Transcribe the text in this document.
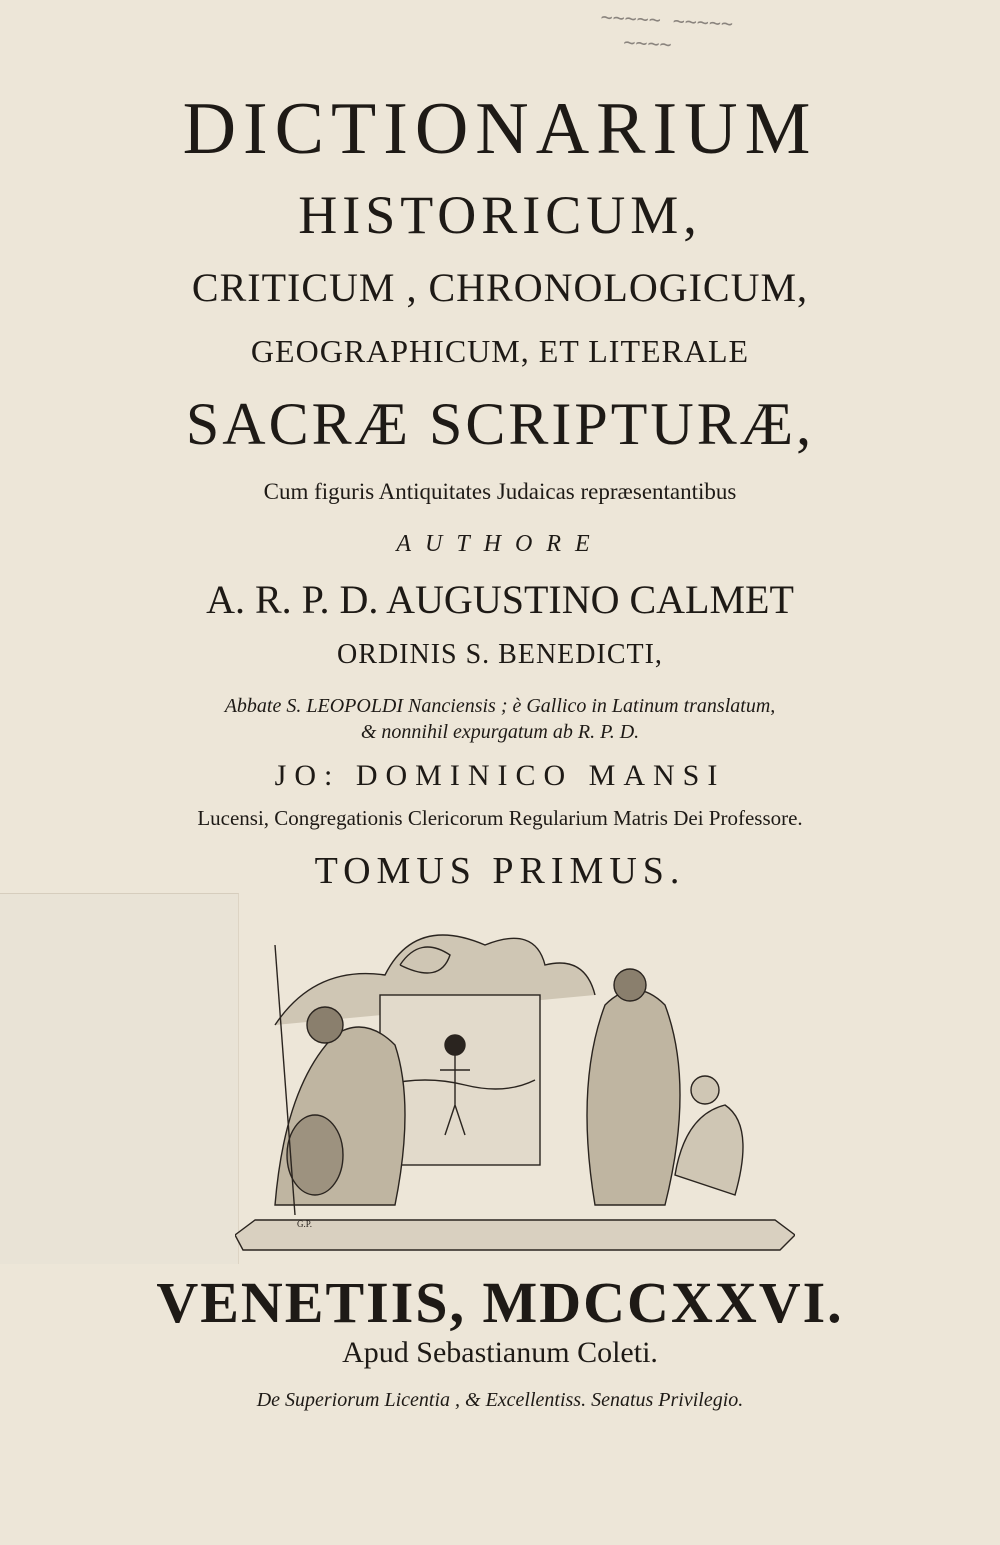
~~~~~ ~~~~~
~~~~
DICTIONARIUM
HISTORICUM,
CRITICUM , CHRONOLOGICUM,
GEOGRAPHICUM, ET LITERALE
SACRÆ SCRIPTURÆ,
Cum figuris Antiquitates Judaicas repræsentantibus
AUTHORE
A. R. P. D. AUGUSTINO CALMET
ORDINIS S. BENEDICTI,
Abbate S. LEOPOLDI Nanciensis ; è Gallico in Latinum translatum,
& nonnihil expurgatum ab R. P. D.
JO: DOMINICO MANSI
Lucensi, Congregationis Clericorum Regularium Matris Dei Professore.
TOMUS PRIMUS.
G.P.
VENETIIS, MDCCXXVI.
Apud Sebastianum Coleti.
De Superiorum Licentia , & Excellentiss. Senatus Privilegio.
